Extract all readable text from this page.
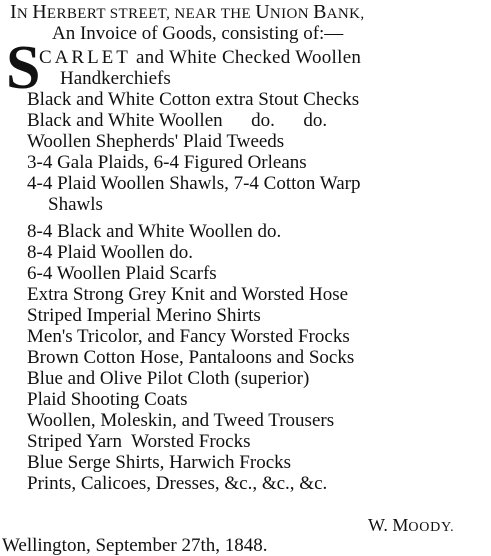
IN HERBERT STREET, NEAR THE UNION BANK,
An Invoice of Goods, consisting of:—
S
CARLET and White Checked Woollen
Handkerchiefs
Black and White Cotton extra Stout Checks
Black and White Woollen      do.      do.
Woollen Shepherds' Plaid Tweeds
3-4 Gala Plaids, 6-4 Figured Orleans
4-4 Plaid Woollen Shawls, 7-4 Cotton Warp
Shawls
8-4 Black and White Woollen do.
8-4 Plaid Woollen do.
6-4 Woollen Plaid Scarfs
Extra Strong Grey Knit and Worsted Hose
Striped Imperial Merino Shirts
Men's Tricolor, and Fancy Worsted Frocks
Brown Cotton Hose, Pantaloons and Socks
Blue and Olive Pilot Cloth (superior)
Plaid Shooting Coats
Woollen, Moleskin, and Tweed Trousers
Striped Yarn  Worsted Frocks
Blue Serge Shirts, Harwich Frocks
Prints, Calicoes, Dresses, &c., &c., &c.
W. MOODY.
Wellington, September 27th, 1848.
